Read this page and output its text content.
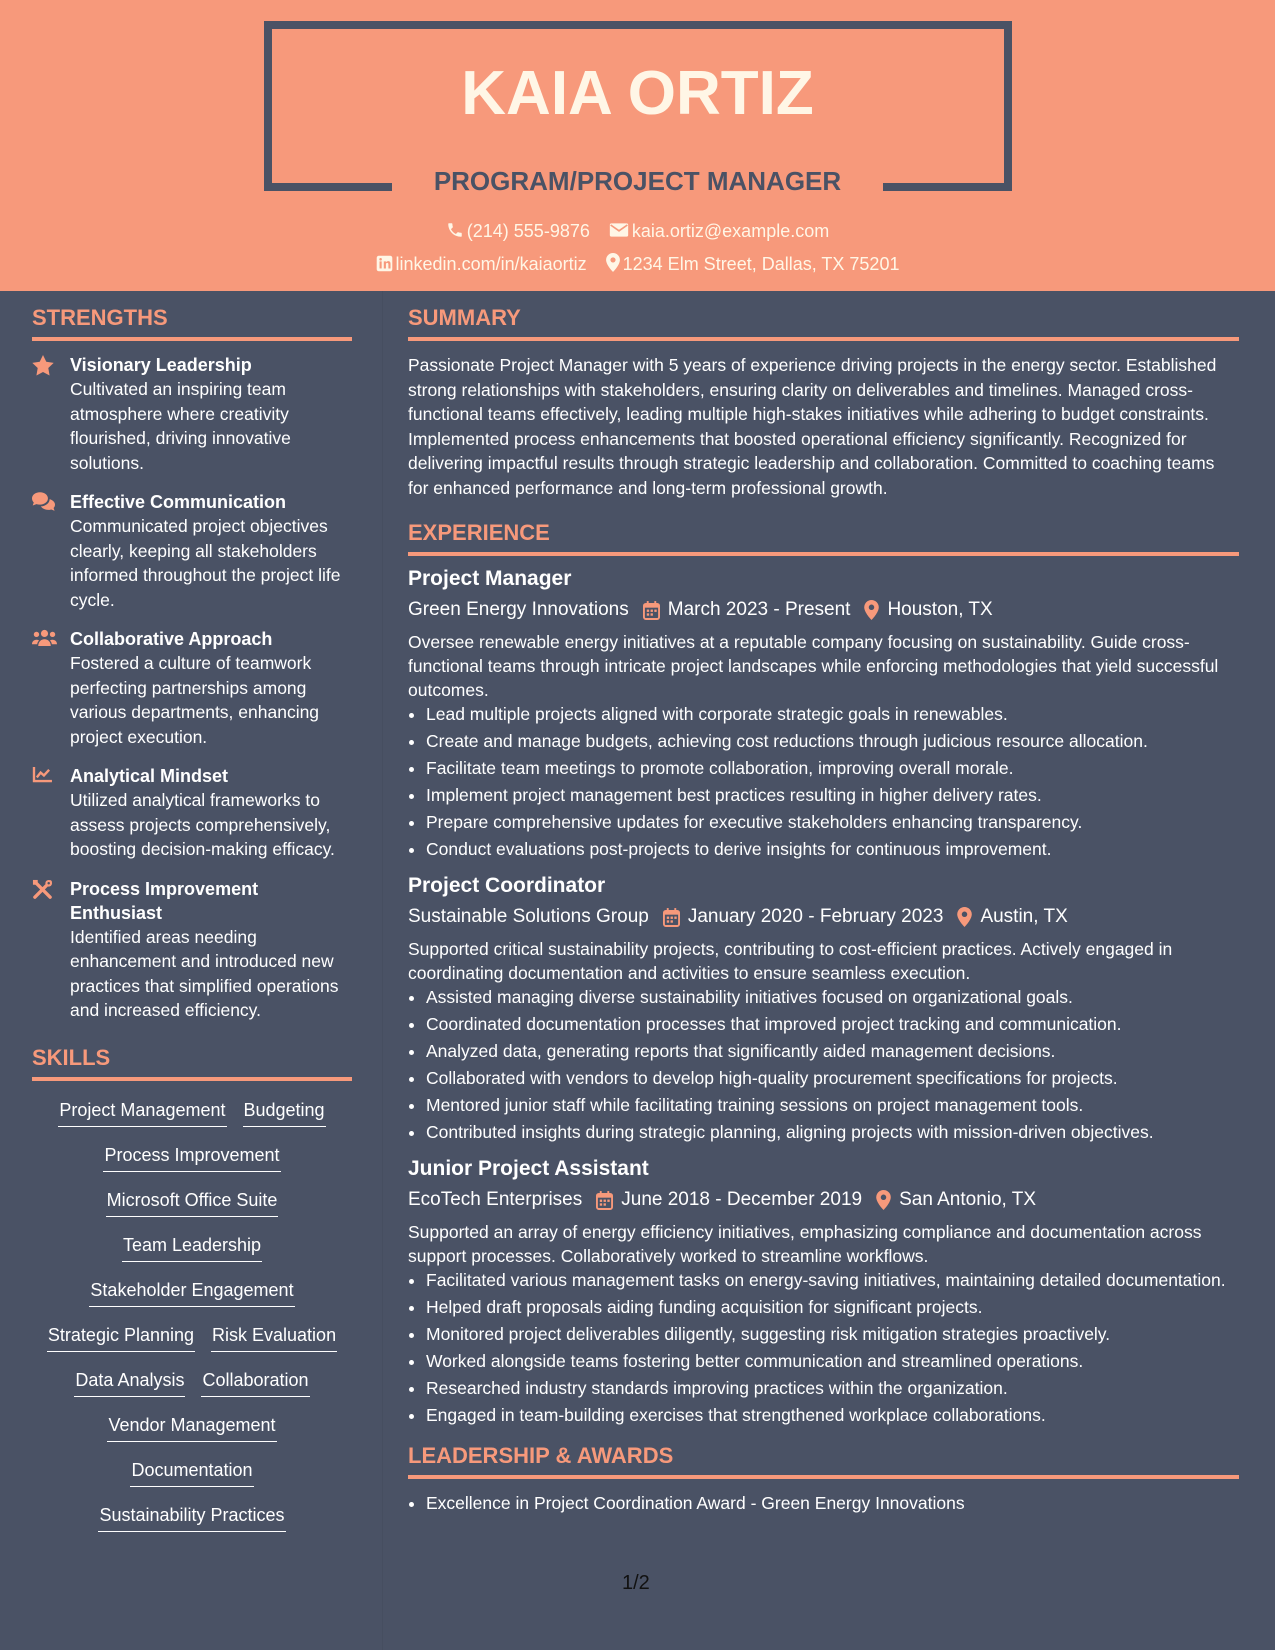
KAIA ORTIZ
PROGRAM/PROJECT MANAGER
(214) 555-9876 kaia.ortiz@example.com
linkedin.com/in/kaiaortiz 1234 Elm Street, Dallas, TX 75201
STRENGTHS
Visionary Leadership
Cultivated an inspiring team atmosphere where creativity flourished, driving innovative solutions.
Effective Communication
Communicated project objectives clearly, keeping all stakeholders informed throughout the project life cycle.
Collaborative Approach
Fostered a culture of teamwork perfecting partnerships among various departments, enhancing project execution.
Analytical Mindset
Utilized analytical frameworks to assess projects comprehensively, boosting decision-making efficacy.
Process Improvement Enthusiast
Identified areas needing enhancement and introduced new practices that simplified operations and increased efficiency.
SKILLS
Project Management Budgeting
Process Improvement
Microsoft Office Suite
Team Leadership
Stakeholder Engagement
Strategic Planning Risk Evaluation
Data Analysis Collaboration
Vendor Management
Documentation
Sustainability Practices
SUMMARY
Passionate Project Manager with 5 years of experience driving projects in the energy sector. Established strong relationships with stakeholders, ensuring clarity on deliverables and timelines. Managed cross-functional teams effectively, leading multiple high-stakes initiatives while adhering to budget constraints. Implemented process enhancements that boosted operational efficiency significantly. Recognized for delivering impactful results through strategic leadership and collaboration. Committed to coaching teams for enhanced performance and long-term professional growth.
EXPERIENCE
Project Manager
Green Energy Innovations March 2023 - Present Houston, TX
Oversee renewable energy initiatives at a reputable company focusing on sustainability. Guide cross-functional teams through intricate project landscapes while enforcing methodologies that yield successful outcomes.
• Lead multiple projects aligned with corporate strategic goals in renewables.
• Create and manage budgets, achieving cost reductions through judicious resource allocation.
• Facilitate team meetings to promote collaboration, improving overall morale.
• Implement project management best practices resulting in higher delivery rates.
• Prepare comprehensive updates for executive stakeholders enhancing transparency.
• Conduct evaluations post-projects to derive insights for continuous improvement.
Project Coordinator
Sustainable Solutions Group January 2020 - February 2023 Austin, TX
Supported critical sustainability projects, contributing to cost-efficient practices. Actively engaged in coordinating documentation and activities to ensure seamless execution.
• Assisted managing diverse sustainability initiatives focused on organizational goals.
• Coordinated documentation processes that improved project tracking and communication.
• Analyzed data, generating reports that significantly aided management decisions.
• Collaborated with vendors to develop high-quality procurement specifications for projects.
• Mentored junior staff while facilitating training sessions on project management tools.
• Contributed insights during strategic planning, aligning projects with mission-driven objectives.
Junior Project Assistant
EcoTech Enterprises June 2018 - December 2019 San Antonio, TX
Supported an array of energy efficiency initiatives, emphasizing compliance and documentation across support processes. Collaboratively worked to streamline workflows.
• Facilitated various management tasks on energy-saving initiatives, maintaining detailed documentation.
• Helped draft proposals aiding funding acquisition for significant projects.
• Monitored project deliverables diligently, suggesting risk mitigation strategies proactively.
• Worked alongside teams fostering better communication and streamlined operations.
• Researched industry standards improving practices within the organization.
• Engaged in team-building exercises that strengthened workplace collaborations.
LEADERSHIP & AWARDS
• Excellence in Project Coordination Award - Green Energy Innovations
1/2
